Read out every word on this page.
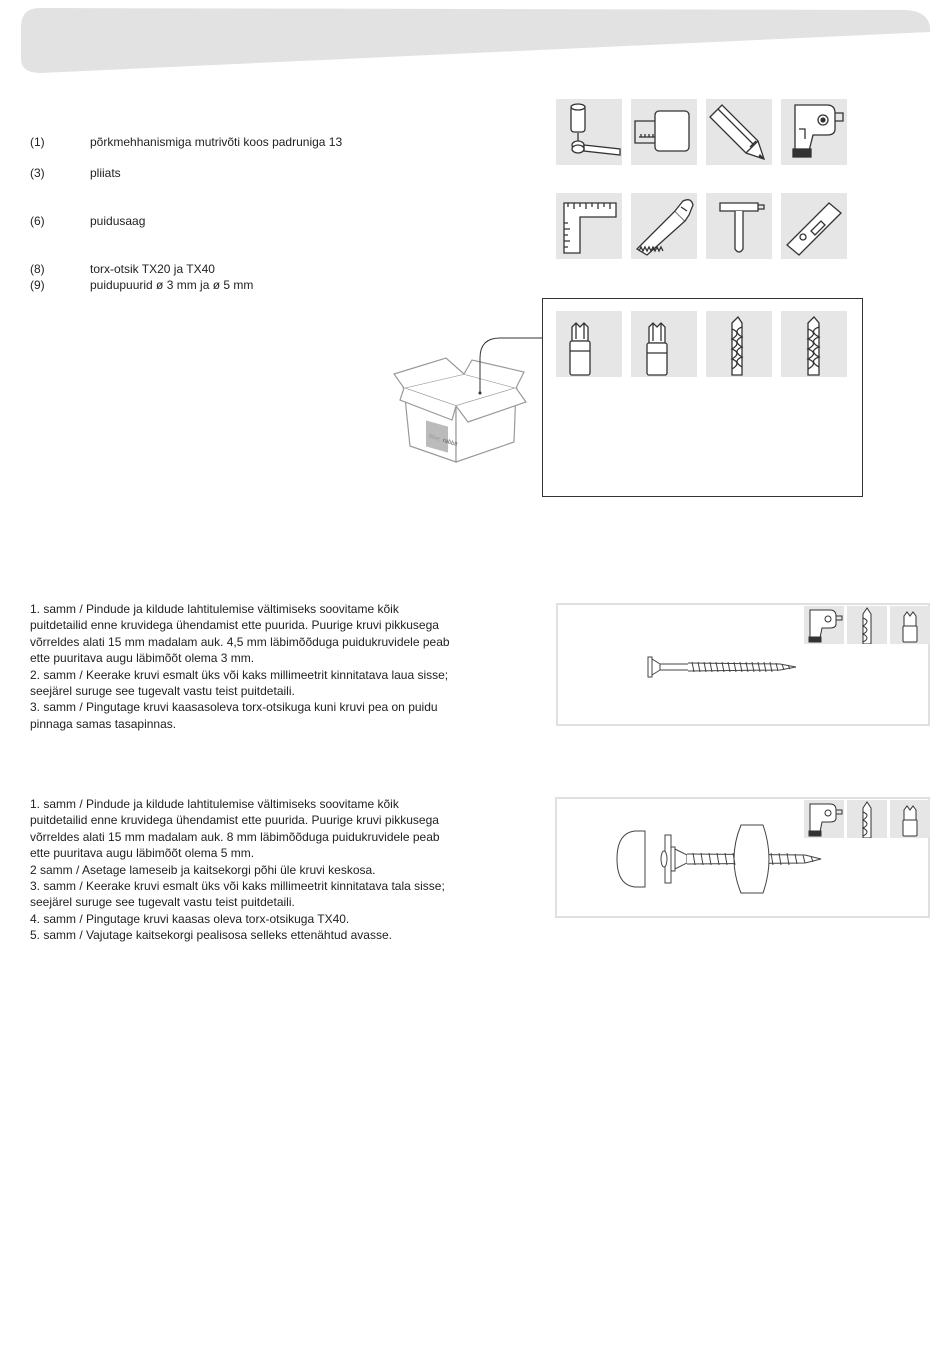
(1)	põrkmehhanismiga mutrivõti koos padruniga 13
(3)	pliiats
(6)	puidusaag
(8)	torx-otsik TX20 ja TX40
(9)	puidupuurid ø 3 mm ja ø 5 mm
blue rabbit

1. samm / Pindude ja kildude lahtitulemise vältimiseks soovitame kõik

puitdetailid enne kruvidega ühendamist ette puurida. Puurige kruvi pikkusega

võrreldes alati 15 mm madalam auk. 4,5 mm läbimõõduga puidukruvidele peab

ette puuritava augu läbimõõt olema 3 mm.

2. samm / Keerake kruvi esmalt üks või kaks millimeetrit kinnitatava laua sisse;

seejärel suruge see tugevalt vastu teist puitdetaili.

3. samm / Pingutage kruvi kaasasoleva torx-otsikuga kuni kruvi pea on puidu

pinnaga samas tasapinnas.

1. samm / Pindude ja kildude lahtitulemise vältimiseks soovitame kõik

puitdetailid enne kruvidega ühendamist ette puurida. Puurige kruvi pikkusega

võrreldes alati 15 mm madalam auk. 8 mm läbimõõduga puidukruvidele peab

ette puuritava augu läbimõõt olema 5 mm.

2 samm / Asetage lameseib ja kaitsekorgi põhi üle kruvi keskosa.

3. samm / Keerake kruvi esmalt üks või kaks millimeetrit kinnitatava tala sisse;

seejärel suruge see tugevalt vastu teist puitdetaili.

4. samm / Pingutage kruvi kaasas oleva torx-otsikuga TX40.

5. samm / Vajutage kaitsekorgi pealisosa selleks ettenähtud avasse.
